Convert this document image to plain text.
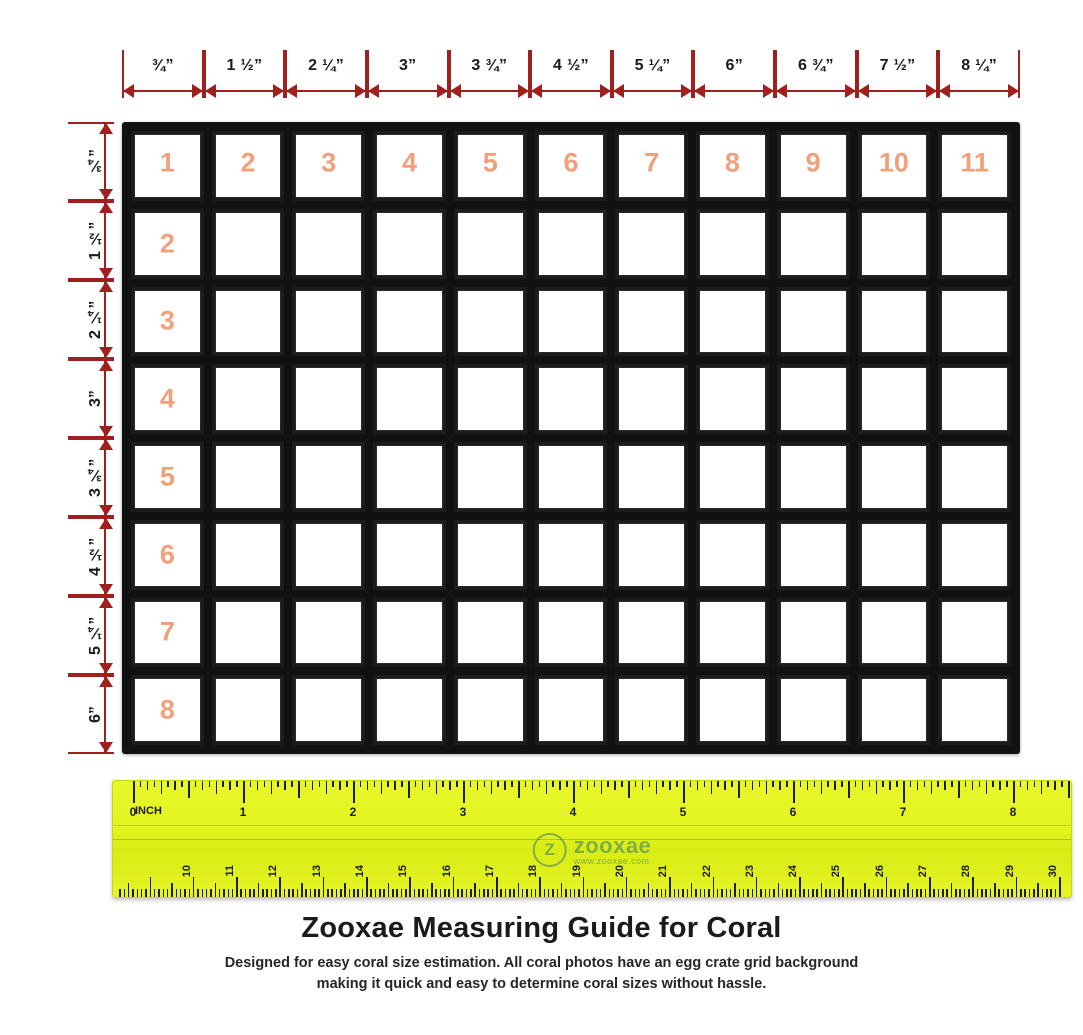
¾”	1 ½”	2 ¼”	3”	3 ¾”	4 ½”	5 ¼”	6”	6 ¾”	7 ½”	8 ¼”
¾”
1 ½”
2 ¼”
3”
3 ¾”
4 ½”
5 ¼”
6”
1	2	3	4	5	6	7	8	9	10	11
2
3
4
5
6
7
8
INCH
0	1	2	3	4	5	6	7	8
30
29
28
27
26
25
24
23
22
21
20
19
18
17
16
15
14
13
12
11
10
Z zooxae
www.zooxae.com
Zooxae Measuring Guide for Coral
Designed for easy coral size estimation. All coral photos have an egg crate grid background
making it quick and easy to determine coral sizes without hassle.
